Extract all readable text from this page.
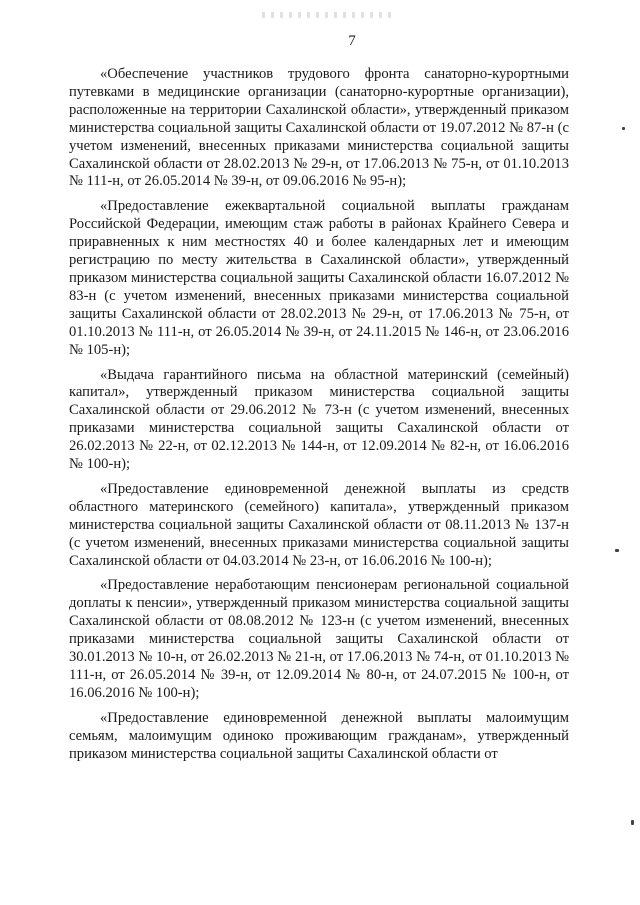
7

«Обеспечение участников трудового фронта санаторно-курортными путевками в медицинские организации (санаторно-курортные организации), расположенные на территории Сахалинской области», утвержденный приказом министерства социальной защиты Сахалинской области от 19.07.2012 № 87-н (с учетом изменений, внесенных приказами министерства социальной защиты Сахалинской области от 28.02.2013 № 29-н, от 17.06.2013 № 75-н, от 01.10.2013 № 111-н, от 26.05.2014 № 39-н, от 09.06.2016 № 95-н);

«Предоставление ежеквартальной социальной выплаты гражданам Российской Федерации, имеющим стаж работы в районах Крайнего Севера и приравненных к ним местностях 40 и более календарных лет и имеющим регистрацию по месту жительства в Сахалинской области», утвержденный приказом министерства социальной защиты Сахалинской области 16.07.2012 № 83-н (с учетом изменений, внесенных приказами министерства социальной защиты Сахалинской области от 28.02.2013 № 29-н, от 17.06.2013 № 75-н, от 01.10.2013 № 111-н, от 26.05.2014 № 39-н, от 24.11.2015 № 146-н, от 23.06.2016 № 105-н);

«Выдача гарантийного письма на областной материнский (семейный) капитал», утвержденный приказом министерства социальной защиты Сахалинской области от 29.06.2012 № 73-н (с учетом изменений, внесенных приказами министерства социальной защиты Сахалинской области от 26.02.2013 № 22-н, от 02.12.2013 № 144-н, от 12.09.2014 № 82-н, от 16.06.2016 № 100-н);

«Предоставление единовременной денежной выплаты из средств областного материнского (семейного) капитала», утвержденный приказом министерства социальной защиты Сахалинской области от 08.11.2013 № 137-н (с учетом изменений, внесенных приказами министерства социальной защиты Сахалинской области от 04.03.2014 № 23-н, от 16.06.2016 № 100-н);

«Предоставление неработающим пенсионерам региональной социальной доплаты к пенсии», утвержденный приказом министерства социальной защиты Сахалинской области от 08.08.2012 № 123-н (с учетом изменений, внесенных приказами министерства социальной защиты Сахалинской области от 30.01.2013 № 10-н, от 26.02.2013 № 21-н, от 17.06.2013 № 74-н, от 01.10.2013 № 111-н, от 26.05.2014 № 39-н, от 12.09.2014 № 80-н, от 24.07.2015 № 100-н, от 16.06.2016 № 100-н);

«Предоставление единовременной денежной выплаты малоимущим семьям, малоимущим одиноко проживающим гражданам», утвержденный приказом министерства социальной защиты Сахалинской области от
